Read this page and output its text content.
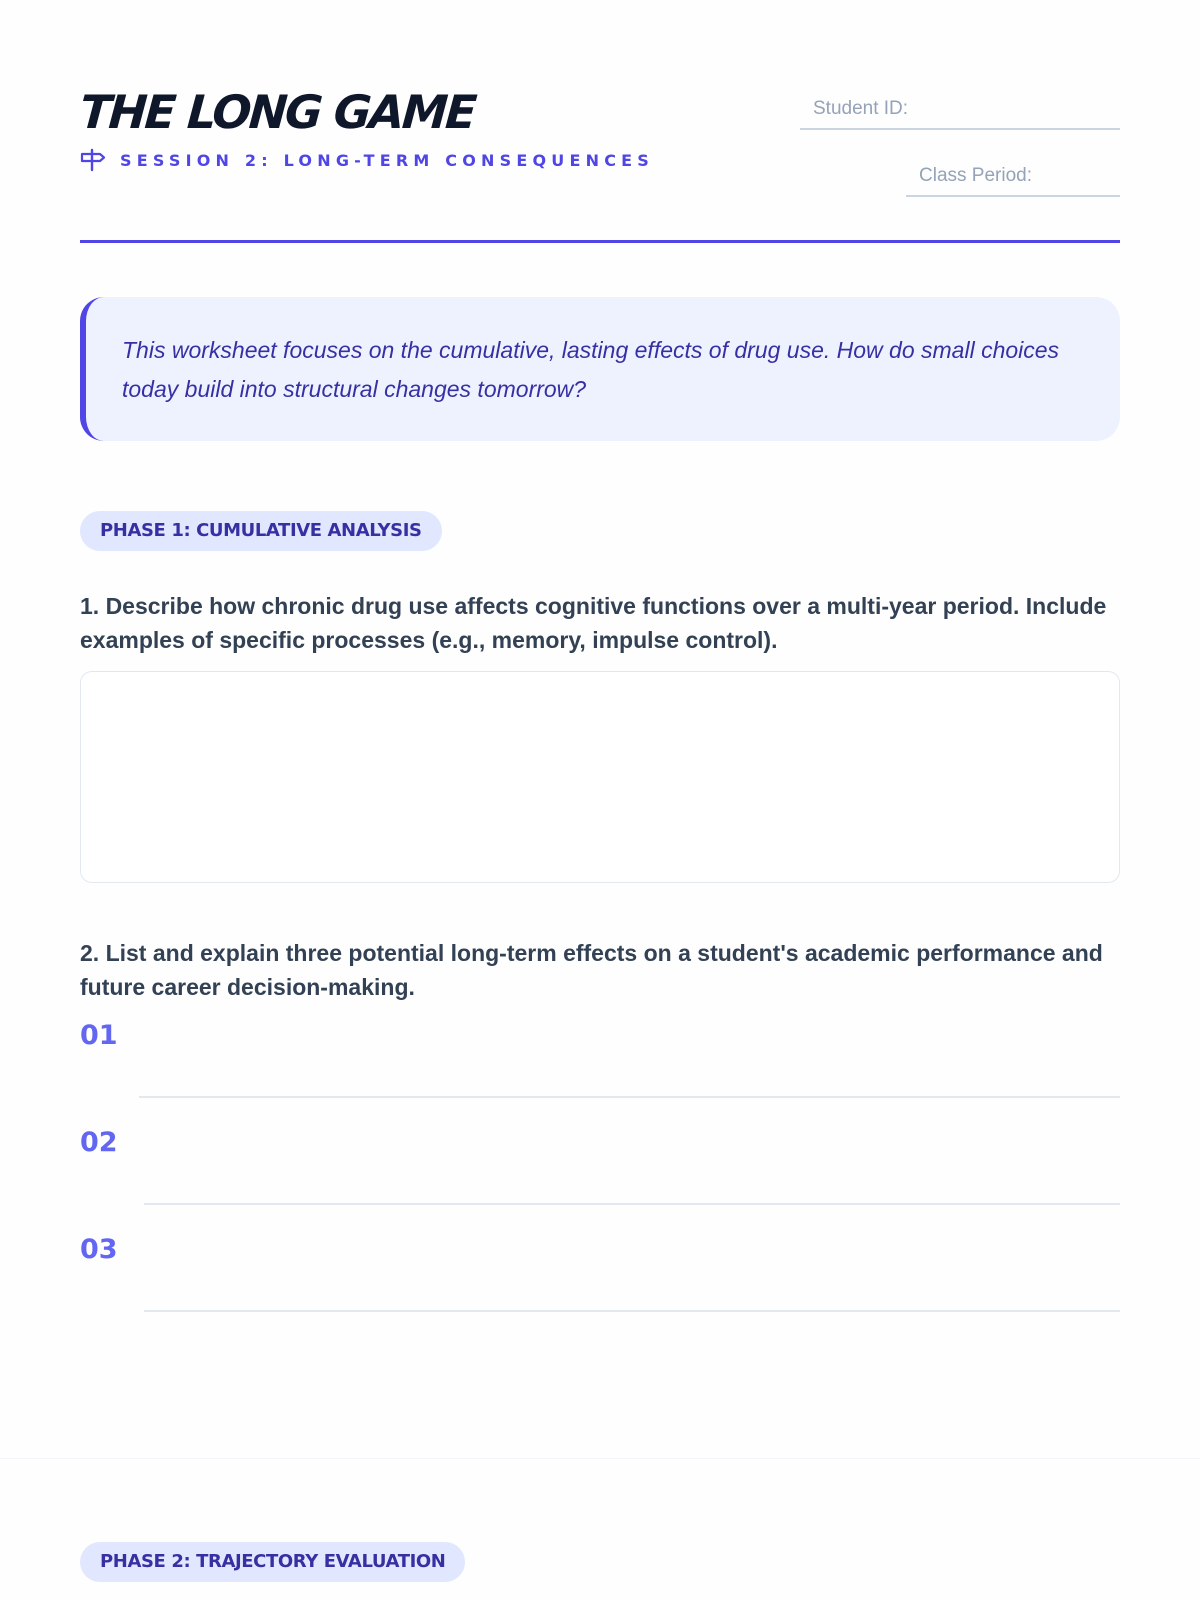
THE LONG GAME
SESSION 2: LONG-TERM CONSEQUENCES
Student ID:
Class Period:

This worksheet focuses on the cumulative, lasting effects of drug use. How do small choices today build into structural changes tomorrow?

PHASE 1: CUMULATIVE ANALYSIS
1. Describe how chronic drug use affects cognitive functions over a multi-year period. Include examples of specific processes (e.g., memory, impulse control).
2. List and explain three potential long-term effects on a student's academic performance and future career decision-making.
01
02
03
PHASE 2: TRAJECTORY EVALUATION
